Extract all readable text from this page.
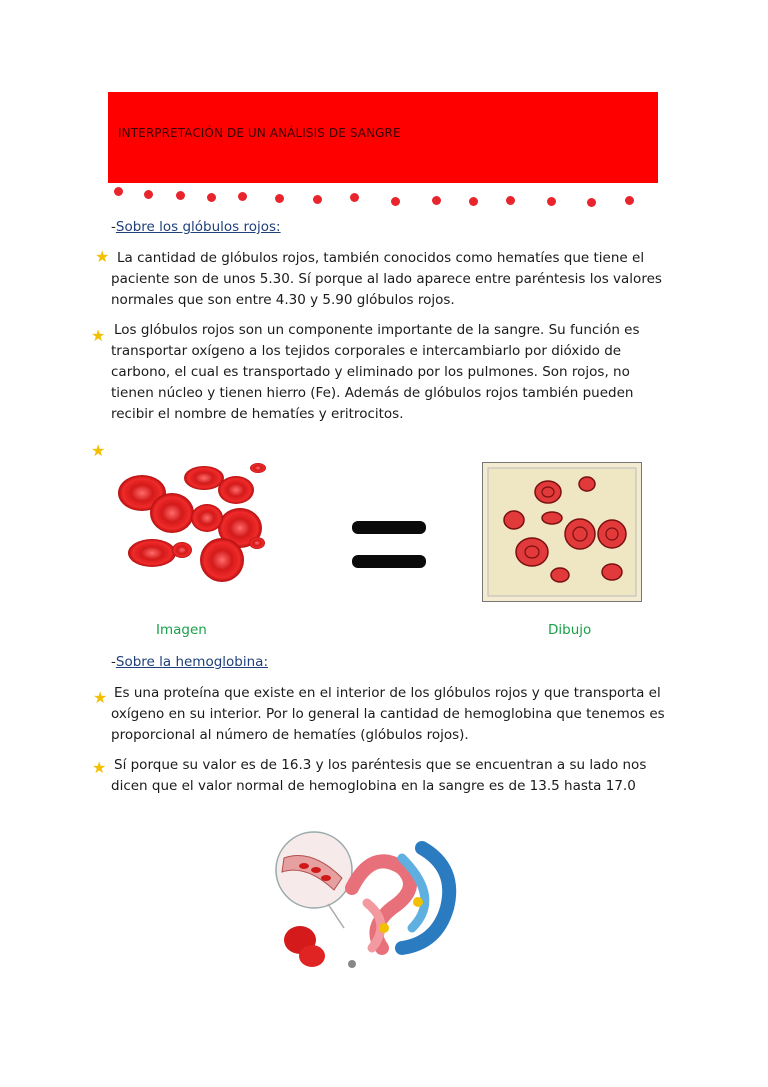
INTERPRETACIÓN DE UN ANÁLISIS DE SANGRE
-Sobre los glóbulos rojos:
★ La cantidad de glóbulos rojos, también conocidos como hematíes que tiene el paciente son de unos 5.30. Sí porque al lado aparece entre paréntesis los valores normales que son entre 4.30 y 5.90 glóbulos rojos.
★ Los glóbulos rojos son un componente importante de la sangre. Su función es transportar oxígeno a los tejidos corporales e intercambiarlo por dióxido de carbono, el cual es transportado y eliminado por los pulmones. Son rojos, no tienen núcleo y tienen hierro (Fe). Además de glóbulos rojos también pueden recibir el nombre de hematíes y eritrocitos.
★
Imagen	Dibujo
-Sobre la hemoglobina:
★ Es una proteína que existe en el interior de los glóbulos rojos y que transporta el oxígeno en su interior. Por lo general la cantidad de hemoglobina que tenemos es proporcional al número de hematíes (glóbulos rojos).
★ Sí porque su valor es de 16.3 y los paréntesis que se encuentran a su lado nos dicen que el valor normal de hemoglobina en la sangre es de 13.5 hasta 17.0
